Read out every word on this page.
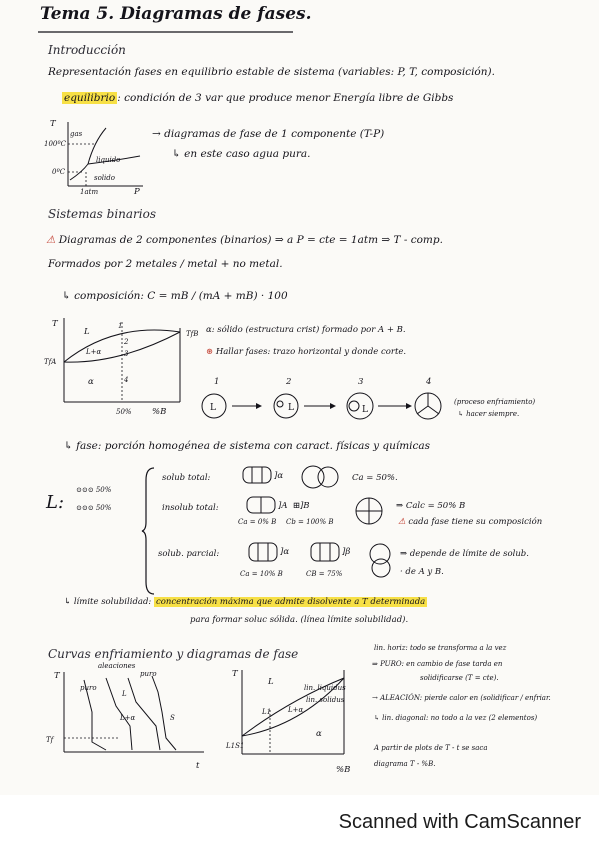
Tema 5. Diagramas de fases.
Introducción
Representación fases en equilibrio estable de sistema (variables: P, T, composición).
equilibrio : condición de 3 var que produce menor Energía libre de Gibbs
T
gas
liquido
solido
100ºC
0ºC
1atm	P
→ diagramas de fase de 1 componente (T-P)
↳ en este caso agua pura.
Sistemas binarios
⚠ Diagramas de 2 componentes (binarios) ⇒ a P = cte = 1atm ⇒ T - comp.
Formados por 2 metales / metal + no metal.
↳ composición: C = mB / (mA + mB) · 100
T
L
L+α
α
TfA
TfB
50% %B
1
2
3
4
α: sólido (estructura crist) formado por A + B.
⊛ Hallar fases: trazo horizontal y donde corte.
1	2	3	4
L	L	L
(proceso enfriamiento)
↳ hacer siempre.
↳ fase: porción homogénea de sistema con caract. físicas y químicas
L:
⊙⊙⊙ 50%
⊙⊙⊙ 50%
solub total:	]α	Ca = 50%.
insolub total:	]A  ⊞]B
Ca = 0% B Cb = 100% B
⇒ Calc = 50% B
⚠ cada fase tiene su composición
solub. parcial:	]α	]β
Ca = 10% B	CB = 75%
⇒ depende de límite de solub.
· de A y B.
↳ límite solubilidad: concentración máxima que admite disolvente a T determinada
para formar soluc sólida. (línea límite solubilidad).
Curvas enfriamiento y diagramas de fase
T
aleaciones
puro
puro
Tf
L
L+α	S
t
T
L
L+α
α
lin. liquidus
lin. solidus
L1
L1S1
%B
lin. horiz: todo se transforma a la vez
⇒ PURO: en cambio de fase tarda en
solidificarse (T = cte).
→ ALEACIÓN: pierde calor en (solidificar / enfriar.
↳ lin. diagonal: no todo a la vez (2 elementos)
A partir de plots de T - t se saca
diagrama T - %B.
Scanned with CamScanner
